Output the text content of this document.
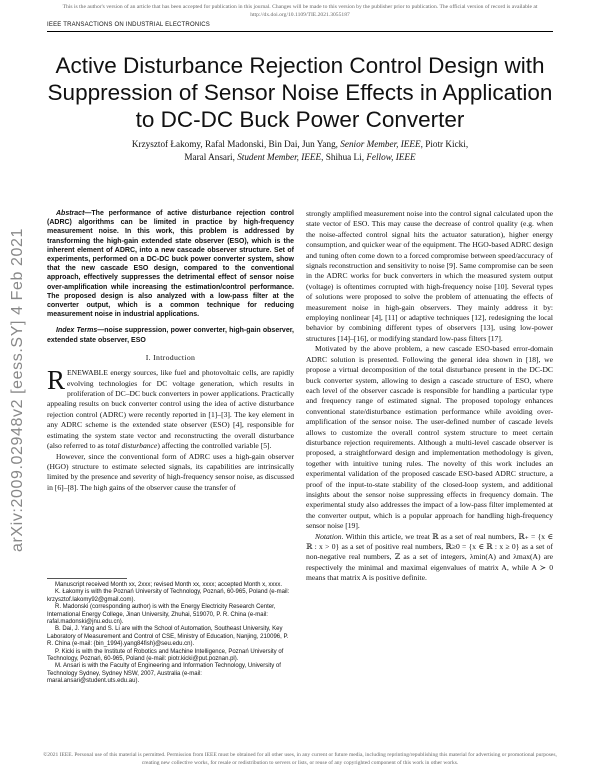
This is the author's version of an article that has been accepted for publication in this journal. Changes will be made to this version by the publisher prior to publication. The official version of record is available at http://dx.doi.org/10.1109/TIE.2021.3055187
IEEE TRANSACTIONS ON INDUSTRIAL ELECTRONICS
Active Disturbance Rejection Control Design with Suppression of Sensor Noise Effects in Application to DC-DC Buck Power Converter
Krzysztof Łakomy, Rafal Madonski, Bin Dai, Jun Yang, Senior Member, IEEE, Piotr Kicki,
Maral Ansari, Student Member, IEEE, Shihua Li, Fellow, IEEE
arXiv:2009.02948v2 [eess.SY] 4 Feb 2021

Abstract—The performance of active disturbance rejection control (ADRC) algorithms can be limited in practice by high-frequency measurement noise. In this work, this problem is addressed by transforming the high-gain extended state observer (ESO), which is the inherent element of ADRC, into a new cascade observer structure. Set of experiments, performed on a DC-DC buck power converter system, show that the new cascade ESO design, compared to the conventional approach, effectively suppresses the detrimental effect of sensor noise over-amplification while increasing the estimation/control performance. The proposed design is also analyzed with a low-pass filter at the converter output, which is a common technique for reducing measurement noise in industrial applications.

Index Terms—noise suppression, power converter, high-gain observer, extended state observer, ESO

I. Introduction

RENEWABLE energy sources, like fuel and photovoltaic cells, are rapidly evolving technologies for DC voltage generation, which results in proliferation of DC–DC buck converters in power applications. Practically appealing results on buck converter control using the idea of active disturbance rejection control (ADRC) were recently reported in [1]–[3]. The key element in any ADRC scheme is the extended state observer (ESO) [4], responsible for estimating the system state vector and reconstructing the overall disturbance (also referred to as total disturbance) affecting the controlled variable [5].

However, since the conventional form of ADRC uses a high-gain observer (HGO) structure to estimate selected signals, its capabilities are intrinsically limited by the presence and severity of high-frequency sensor noise, as discussed in [6]–[8]. The high gains of the observer cause the transfer of

Manuscript received Month xx, 2xxx; revised Month xx, xxxx; accepted Month x, xxxx.

K. Łakomy is with the Poznań University of Technology, Poznań, 60-965, Poland (e-mail: krzysztof.lakomy92@gmail.com).

R. Madonski (corresponding author) is with the Energy Electricity Research Center, International Energy College, Jinan University, Zhuhai, 519070, P. R. China (e-mail: rafal.madonski@jnu.edu.cn).

B. Dai, J. Yang and S. Li are with the School of Automation, Southeast University, Key Laboratory of Measurement and Control of CSE, Ministry of Education, Nanjing, 210096, P. R. China (e-mail: {bin_1994}.yang84fish}@seu.edu.cn).

P. Kicki is with the Institute of Robotics and Machine Intelligence, Poznań University of Technology, Poznań, 60-965, Poland (e-mail: piotr.kicki@put.poznan.pl).

M. Ansari is with the Faculty of Engineering and Information Technology, University of Technology Sydney, Sydney NSW, 2007, Australia (e-mail: maral.ansari@student.uts.edu.au).

strongly amplified measurement noise into the control signal calculated upon the state vector of ESO. This may cause the decrease of control quality (e.g. when the noise-affected control signal hits the actuator saturation), higher energy consumption, and quicker wear of the equipment. The HGO-based ADRC design and tuning often come down to a forced compromise between speed/accuracy of signals reconstruction and sensitivity to noise [9]. Same compromise can be seen in the ADRC works for buck converters in which the measured system output (voltage) is oftentimes corrupted with high-frequency noise [10]. Several types of solutions were proposed to solve the problem of attenuating the effects of measurement noise in high-gain observers. They mainly address it by: employing nonlinear [4], [11] or adaptive techniques [12], redesigning the local behavior by combining different types of observers [13], using low-power structures [14]–[16], or modifying standard low-pass filters [17].

Motivated by the above problem, a new cascade ESO-based error-domain ADRC solution is presented. Following the general idea shown in [18], we propose a virtual decomposition of the total disturbance present in the DC-DC buck converter system, allowing to design a cascade structure of ESO, where each level of the observer cascade is responsible for handling a particular type and frequency range of estimated signal. The proposed topology enhances conventional state/disturbance estimation performance while avoiding over-amplification of the sensor noise. The user-defined number of cascade levels allows to customize the overall control system structure to meet certain disturbance rejection requirements. Although a multi-level cascade observer is proposed, a straightforward design and implementation methodology is given, together with intuitive tuning rules. The novelty of this work includes an experimental validation of the proposed cascade ESO-based ADRC structure, a proof of the input-to-state stability of the closed-loop system, and additional insights about the sensor noise suppressing effects in frequency domain. The experimental study also addresses the impact of a low-pass filter implemented at the converter output, which is a popular approach for handling high-frequency sensor noise [19].

Notation. Within this article, we treat ℝ as a set of real numbers, ℝ₊ = {x ∈ ℝ : x > 0} as a set of positive real numbers, ℝ≥0 = {x ∈ ℝ : x ≥ 0} as a set of non-negative real numbers, ℤ as a set of integers, λmin(A) and λmax(A) are respectively the minimal and maximal eigenvalues of matrix A, while A ≻ 0 means that matrix A is positive definite.

©2021 IEEE. Personal use of this material is permitted. Permission from IEEE must be obtained for all other uses, in any current or future media, including reprinting/republishing this material for advertising or promotional purposes, creating new collective works, for resale or redistribution to servers or lists, or reuse of any copyrighted component of this work in other works.
